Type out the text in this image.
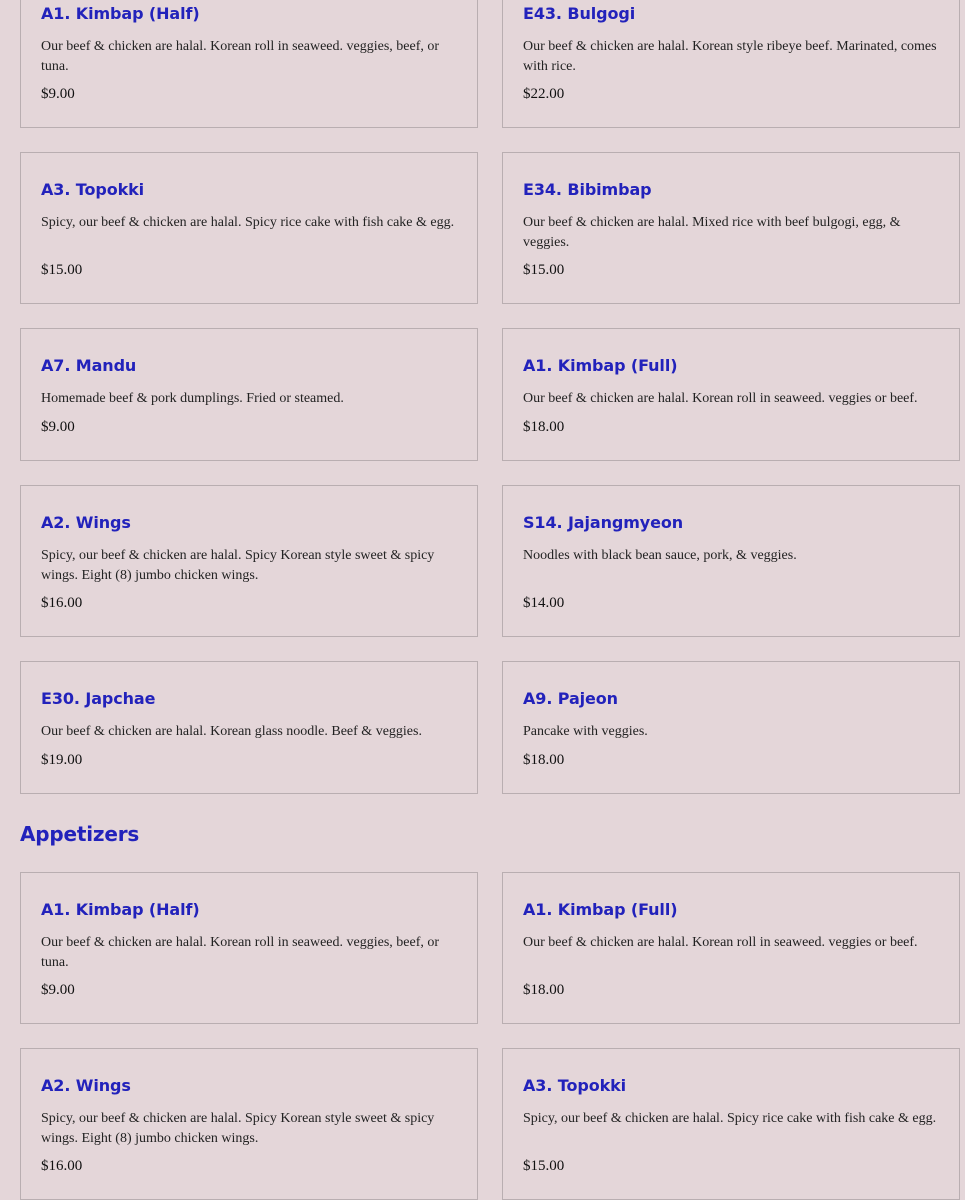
A1. Kimbap (Half)

Our beef & chicken are halal. Korean roll in seaweed. veggies, beef, or tuna.

$9.00

E43. Bulgogi

Our beef & chicken are halal. Korean style ribeye beef. Marinated, comes with rice.

$22.00

A3. Topokki

Spicy, our beef & chicken are halal. Spicy rice cake with fish cake & egg.

$15.00

E34. Bibimbap

Our beef & chicken are halal. Mixed rice with beef bulgogi, egg, & veggies.

$15.00

A7. Mandu

Homemade beef & pork dumplings. Fried or steamed.

$9.00

A1. Kimbap (Full)

Our beef & chicken are halal. Korean roll in seaweed. veggies or beef.

$18.00

A2. Wings

Spicy, our beef & chicken are halal. Spicy Korean style sweet & spicy wings. Eight (8) jumbo chicken wings.

$16.00

S14. Jajangmyeon

Noodles with black bean sauce, pork, & veggies.

$14.00

E30. Japchae

Our beef & chicken are halal. Korean glass noodle. Beef & veggies.

$19.00

A9. Pajeon

Pancake with veggies.

$18.00

Appetizers
A1. Kimbap (Half)

Our beef & chicken are halal. Korean roll in seaweed. veggies, beef, or tuna.

$9.00

A1. Kimbap (Full)

Our beef & chicken are halal. Korean roll in seaweed. veggies or beef.

$18.00

A2. Wings

Spicy, our beef & chicken are halal. Spicy Korean style sweet & spicy wings. Eight (8) jumbo chicken wings.

$16.00

A3. Topokki

Spicy, our beef & chicken are halal. Spicy rice cake with fish cake & egg.

$15.00
